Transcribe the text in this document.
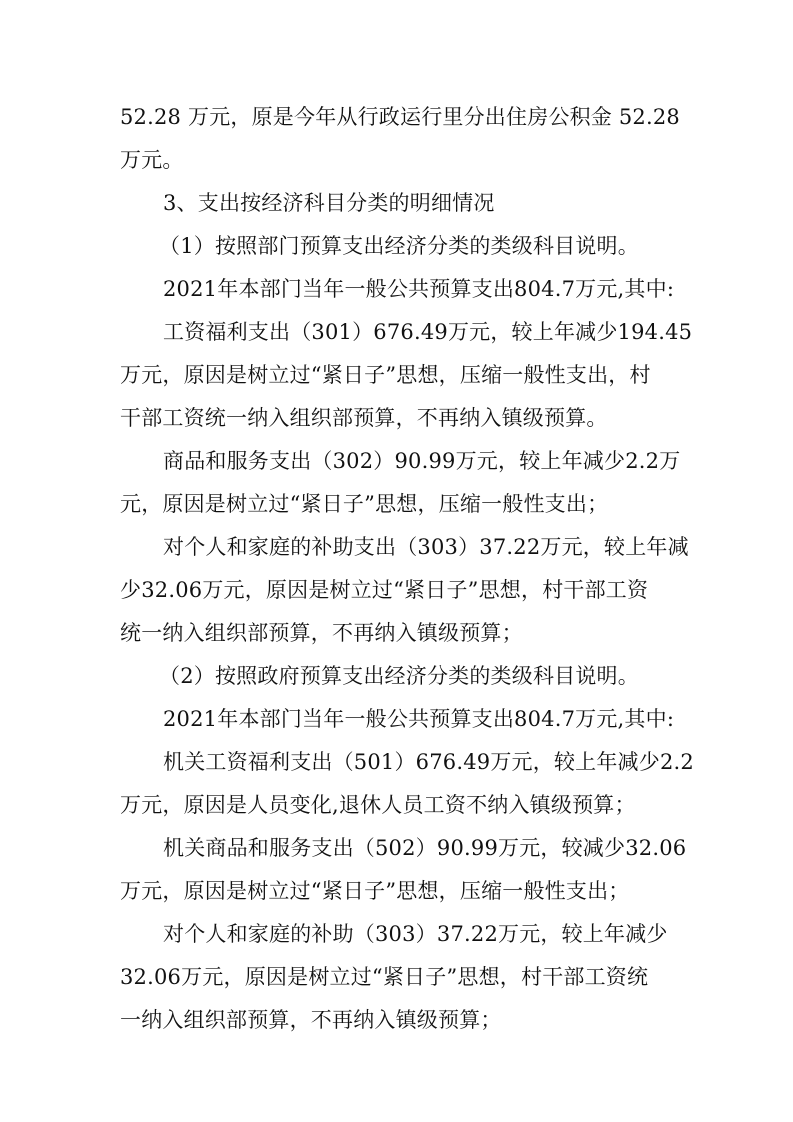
52.28 万元，原是今年从行政运行里分出住房公积金 52.28
万元。
3、支出按经济科目分类的明细情况
（1）按照部门预算支出经济分类的类级科目说明。
2021年本部门当年一般公共预算支出804.7万元,其中:
工资福利支出（301）676.49万元，较上年减少194.45
万元，原因是树立过“紧日子”思想，压缩一般性支出，村
干部工资统一纳入组织部预算，不再纳入镇级预算。
商品和服务支出（302）90.99万元，较上年减少2.2万
元，原因是树立过“紧日子”思想，压缩一般性支出；
对个人和家庭的补助支出（303）37.22万元，较上年减
少32.06万元，原因是树立过“紧日子”思想，村干部工资
统一纳入组织部预算，不再纳入镇级预算；
（2）按照政府预算支出经济分类的类级科目说明。
2021年本部门当年一般公共预算支出804.7万元,其中:
机关工资福利支出（501）676.49万元，较上年减少2.2
万元，原因是人员变化,退休人员工资不纳入镇级预算；
机关商品和服务支出（502）90.99万元，较减少32.06
万元，原因是树立过“紧日子”思想，压缩一般性支出；
对个人和家庭的补助（303）37.22万元，较上年减少
32.06万元，原因是树立过“紧日子”思想，村干部工资统
一纳入组织部预算，不再纳入镇级预算；
